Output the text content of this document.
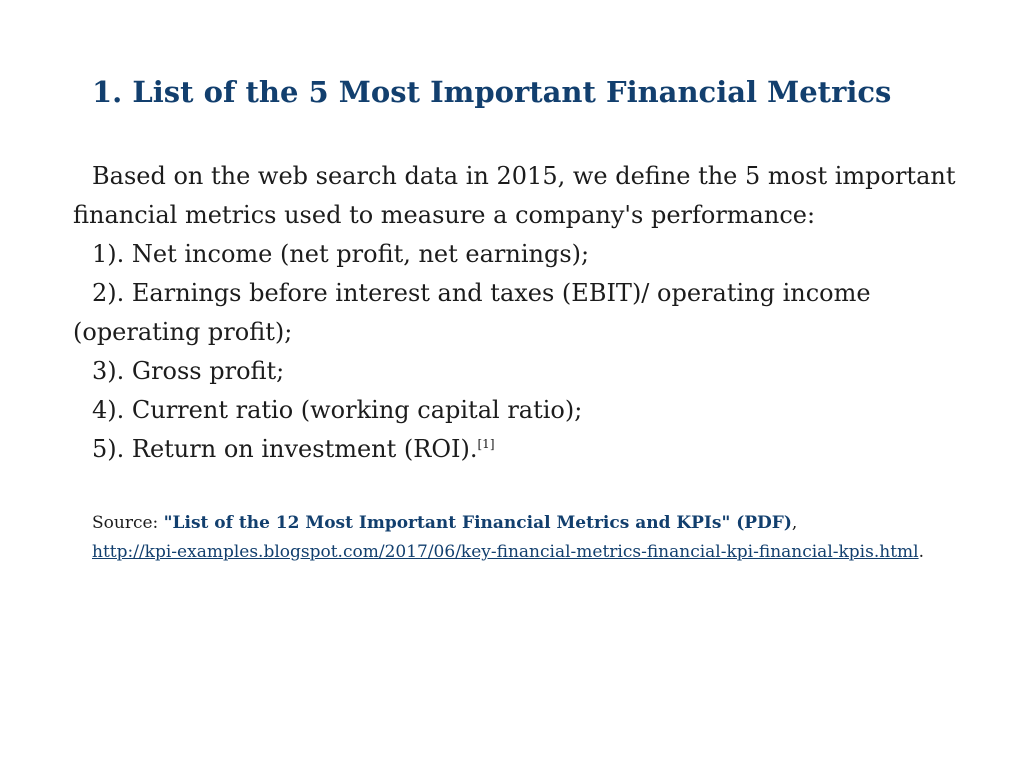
1. List of the 5 Most Important Financial Metrics

Based on the web search data in 2015, we define the 5 most important financial metrics used to measure a company's performance:

1). Net income (net profit, net earnings);

2). Earnings before interest and taxes (EBIT)/ operating income (operating profit);

3). Gross profit;

4). Current ratio (working capital ratio);

5). Return on investment (ROI).[1]

Source: "List of the 12 Most Important Financial Metrics and KPIs" (PDF),
http://kpi-examples.blogspot.com/2017/06/key-financial-metrics-financial-kpi-financial-kpis.html.
